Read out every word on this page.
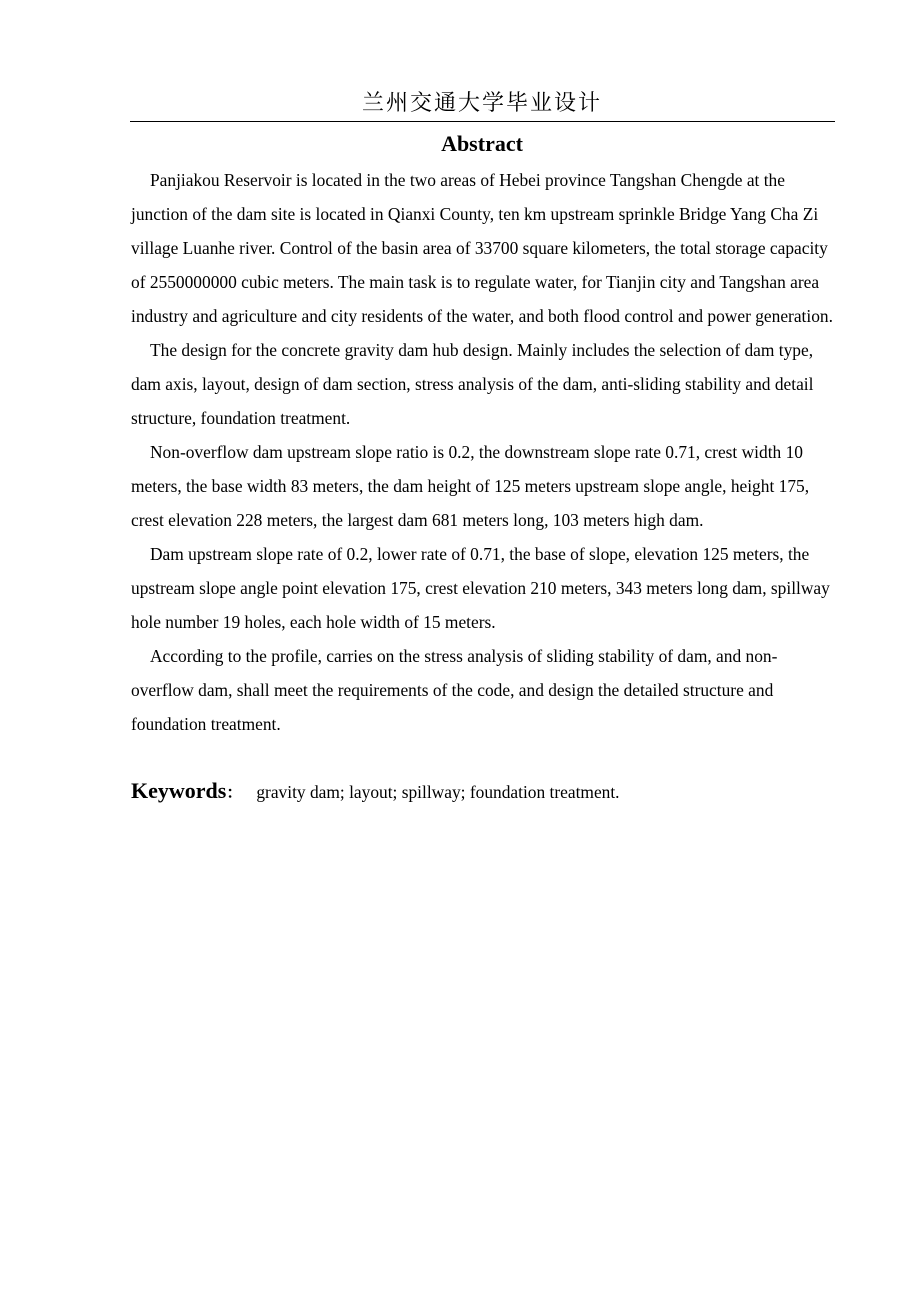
兰州交通大学毕业设计
Abstract

Panjiakou Reservoir is located in the two areas of Hebei province Tangshan Chengde at the junction of the dam site is located in Qianxi County, ten km upstream sprinkle Bridge Yang Cha Zi village Luanhe river. Control of the basin area of 33700 square kilometers, the total storage capacity of 2550000000 cubic meters. The main task is to regulate water, for Tianjin city and Tangshan area industry and agriculture and city residents of the water, and both flood control and power generation.

The design for the concrete gravity dam hub design. Mainly includes the selection of dam type, dam axis, layout, design of dam section, stress analysis of the dam, anti-sliding stability and detail structure, foundation treatment.

Non-overflow dam upstream slope ratio is 0.2, the downstream slope rate 0.71, crest width 10 meters, the base width 83 meters, the dam height of 125 meters upstream slope angle, height 175, crest elevation 228 meters, the largest dam 681 meters long, 103 meters high dam.

Dam upstream slope rate of 0.2, lower rate of 0.71, the base of slope, elevation 125 meters, the upstream slope angle point elevation 175, crest elevation 210 meters, 343 meters long dam, spillway hole number 19 holes, each hole width of 15 meters.

According to the profile, carries on the stress analysis of sliding stability of dam, and non-overflow dam, shall meet the requirements of the code, and design the detailed structure and foundation treatment.

Keywords： gravity dam; layout; spillway; foundation treatment.
